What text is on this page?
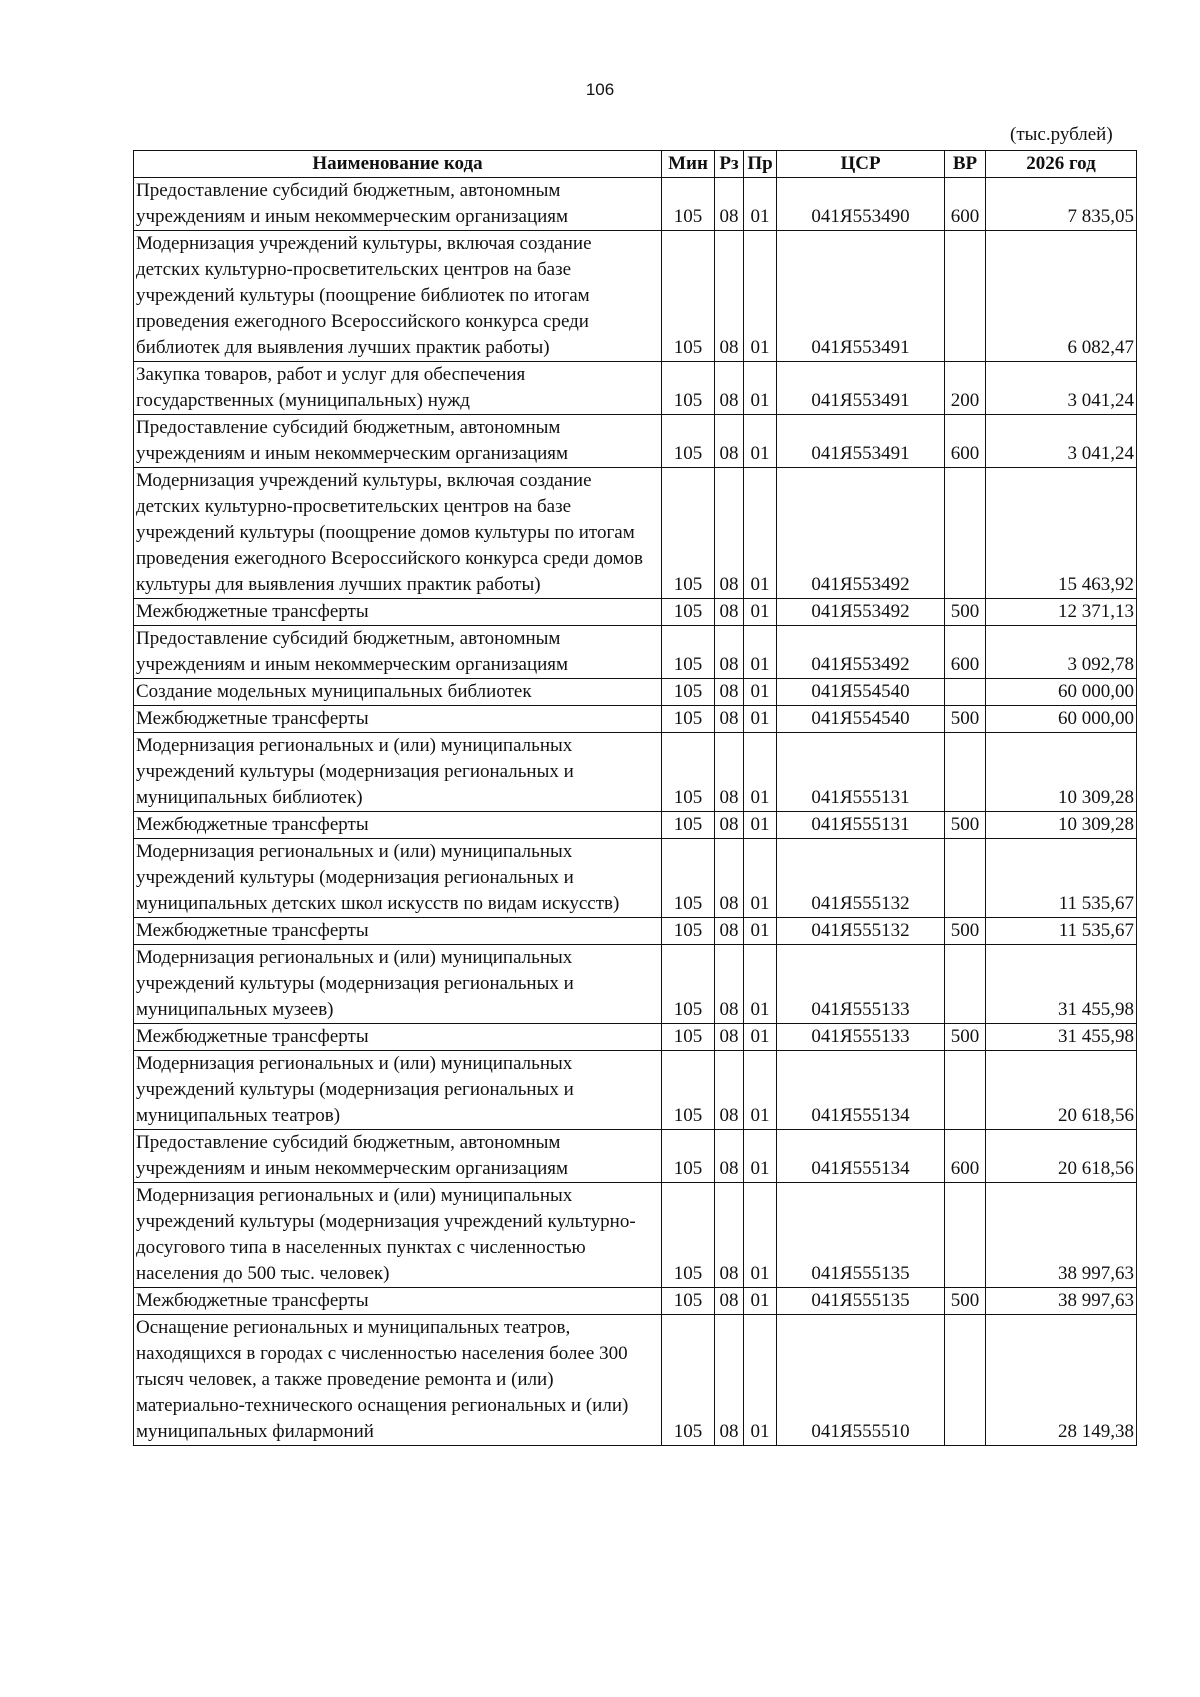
106
(тыс.рублей)
Наименование кода	Мин	Рз	Пр	ЦСР	ВР	2026 год
Предоставление субсидий бюджетным, автономным учреждениям и иным некоммерческим организациям	105	08	01	041Я553490	600	7 835,05
Модернизация учреждений культуры, включая создание детских культурно-просветительских центров на базе учреждений культуры (поощрение библиотек по итогам проведения ежегодного Всероссийского конкурса среди библиотек для выявления лучших практик работы)	105	08	01	041Я553491		6 082,47
Закупка товаров, работ и услуг для обеспечения государственных (муниципальных) нужд	105	08	01	041Я553491	200	3 041,24
Предоставление субсидий бюджетным, автономным учреждениям и иным некоммерческим организациям	105	08	01	041Я553491	600	3 041,24
Модернизация учреждений культуры, включая создание детских культурно-просветительских центров на базе учреждений культуры (поощрение домов культуры по итогам проведения ежегодного Всероссийского конкурса среди домов культуры для выявления лучших практик работы)	105	08	01	041Я553492		15 463,92
Межбюджетные трансферты	105	08	01	041Я553492	500	12 371,13
Предоставление субсидий бюджетным, автономным учреждениям и иным некоммерческим организациям	105	08	01	041Я553492	600	3 092,78
Создание модельных муниципальных библиотек	105	08	01	041Я554540		60 000,00
Межбюджетные трансферты	105	08	01	041Я554540	500	60 000,00
Модернизация региональных и (или) муниципальных учреждений культуры (модернизация региональных и муниципальных библиотек)	105	08	01	041Я555131		10 309,28
Межбюджетные трансферты	105	08	01	041Я555131	500	10 309,28
Модернизация региональных и (или) муниципальных учреждений культуры (модернизация региональных и муниципальных детских школ искусств по видам искусств)	105	08	01	041Я555132		11 535,67
Межбюджетные трансферты	105	08	01	041Я555132	500	11 535,67
Модернизация региональных и (или) муниципальных учреждений культуры (модернизация региональных и муниципальных музеев)	105	08	01	041Я555133		31 455,98
Межбюджетные трансферты	105	08	01	041Я555133	500	31 455,98
Модернизация региональных и (или) муниципальных учреждений культуры (модернизация региональных и муниципальных театров)	105	08	01	041Я555134		20 618,56
Предоставление субсидий бюджетным, автономным учреждениям и иным некоммерческим организациям	105	08	01	041Я555134	600	20 618,56
Модернизация региональных и (или) муниципальных учреждений культуры (модернизация учреждений культурно-досугового типа в населенных пунктах с численностью населения до 500 тыс. человек)	105	08	01	041Я555135		38 997,63
Межбюджетные трансферты	105	08	01	041Я555135	500	38 997,63
Оснащение региональных и муниципальных театров, находящихся в городах с численностью населения более 300 тысяч человек, а также проведение ремонта и (или) материально-технического оснащения региональных и (или) муниципальных филармоний	105	08	01	041Я555510		28 149,38
